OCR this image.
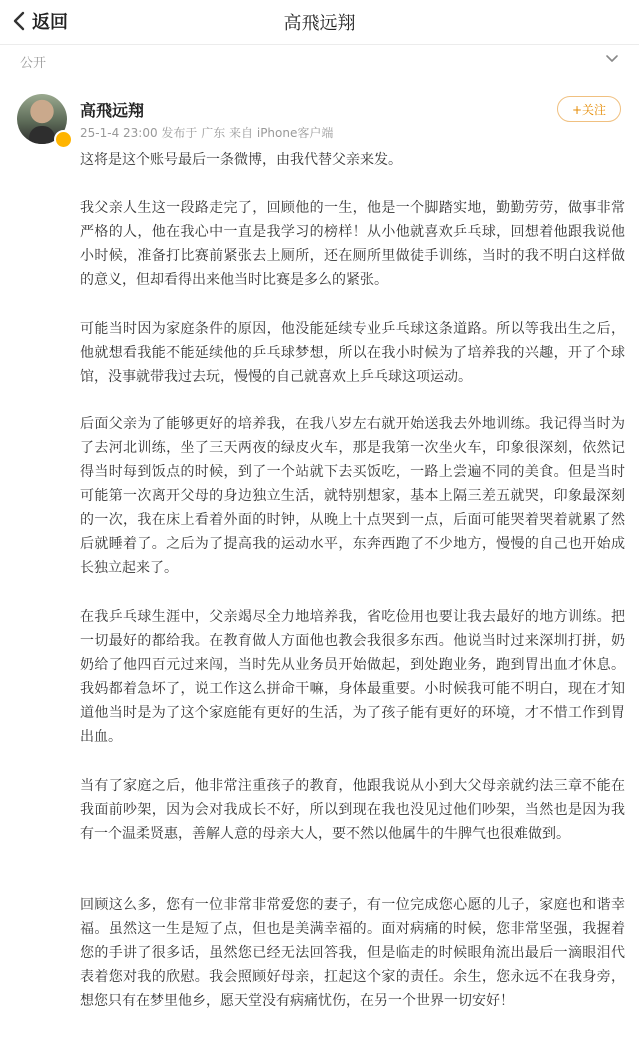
返回	高飛远翔
公开
高飛远翔
25-1-4 23:00 发布于 广东 来自 iPhone客户端
+关注

这将是这个账号最后一条微博，由我代替父亲来发。

我父亲人生这一段路走完了，回顾他的一生，他是一个脚踏实地，勤勤劳劳，做事非常严格的人，他在我心中一直是我学习的榜样！从小他就喜欢乒乓球，回想着他跟我说他小时候，准备打比赛前紧张去上厕所，还在厕所里做徒手训练，当时的我不明白这样做的意义，但却看得出来他当时比赛是多么的紧张。

可能当时因为家庭条件的原因，他没能延续专业乒乓球这条道路。所以等我出生之后，他就想看我能不能延续他的乒乓球梦想，所以在我小时候为了培养我的兴趣，开了个球馆，没事就带我过去玩，慢慢的自己就喜欢上乒乓球这项运动。

后面父亲为了能够更好的培养我，在我八岁左右就开始送我去外地训练。我记得当时为了去河北训练，坐了三天两夜的绿皮火车，那是我第一次坐火车，印象很深刻，依然记得当时每到饭点的时候，到了一个站就下去买饭吃，一路上尝遍不同的美食。但是当时可能第一次离开父母的身边独立生活，就特别想家，基本上隔三差五就哭，印象最深刻的一次，我在床上看着外面的时钟，从晚上十点哭到一点，后面可能哭着哭着就累了然后就睡着了。之后为了提高我的运动水平，东奔西跑了不少地方，慢慢的自己也开始成长独立起来了。

在我乒乓球生涯中，父亲竭尽全力地培养我，省吃俭用也要让我去最好的地方训练。把一切最好的都给我。在教育做人方面他也教会我很多东西。他说当时过来深圳打拼，奶奶给了他四百元过来闯，当时先从业务员开始做起，到处跑业务，跑到胃出血才休息。我妈都着急坏了，说工作这么拼命干嘛，身体最重要。小时候我可能不明白，现在才知道他当时是为了这个家庭能有更好的生活，为了孩子能有更好的环境，才不惜工作到胃出血。

当有了家庭之后，他非常注重孩子的教育，他跟我说从小到大父母亲就约法三章不能在我面前吵架，因为会对我成长不好，所以到现在我也没见过他们吵架，当然也是因为我有一个温柔贤惠，善解人意的母亲大人，要不然以他属牛的牛脾气也很难做到。

回顾这么多，您有一位非常非常爱您的妻子，有一位完成您心愿的儿子，家庭也和谐幸福。虽然这一生是短了点，但也是美满幸福的。面对病痛的时候，您非常坚强，我握着您的手讲了很多话，虽然您已经无法回答我，但是临走的时候眼角流出最后一滴眼泪代表着您对我的欣慰。我会照顾好母亲，扛起这个家的责任。余生，您永远不在我身旁，想您只有在梦里他乡，愿天堂没有病痛忧伤，在另一个世界一切安好！
